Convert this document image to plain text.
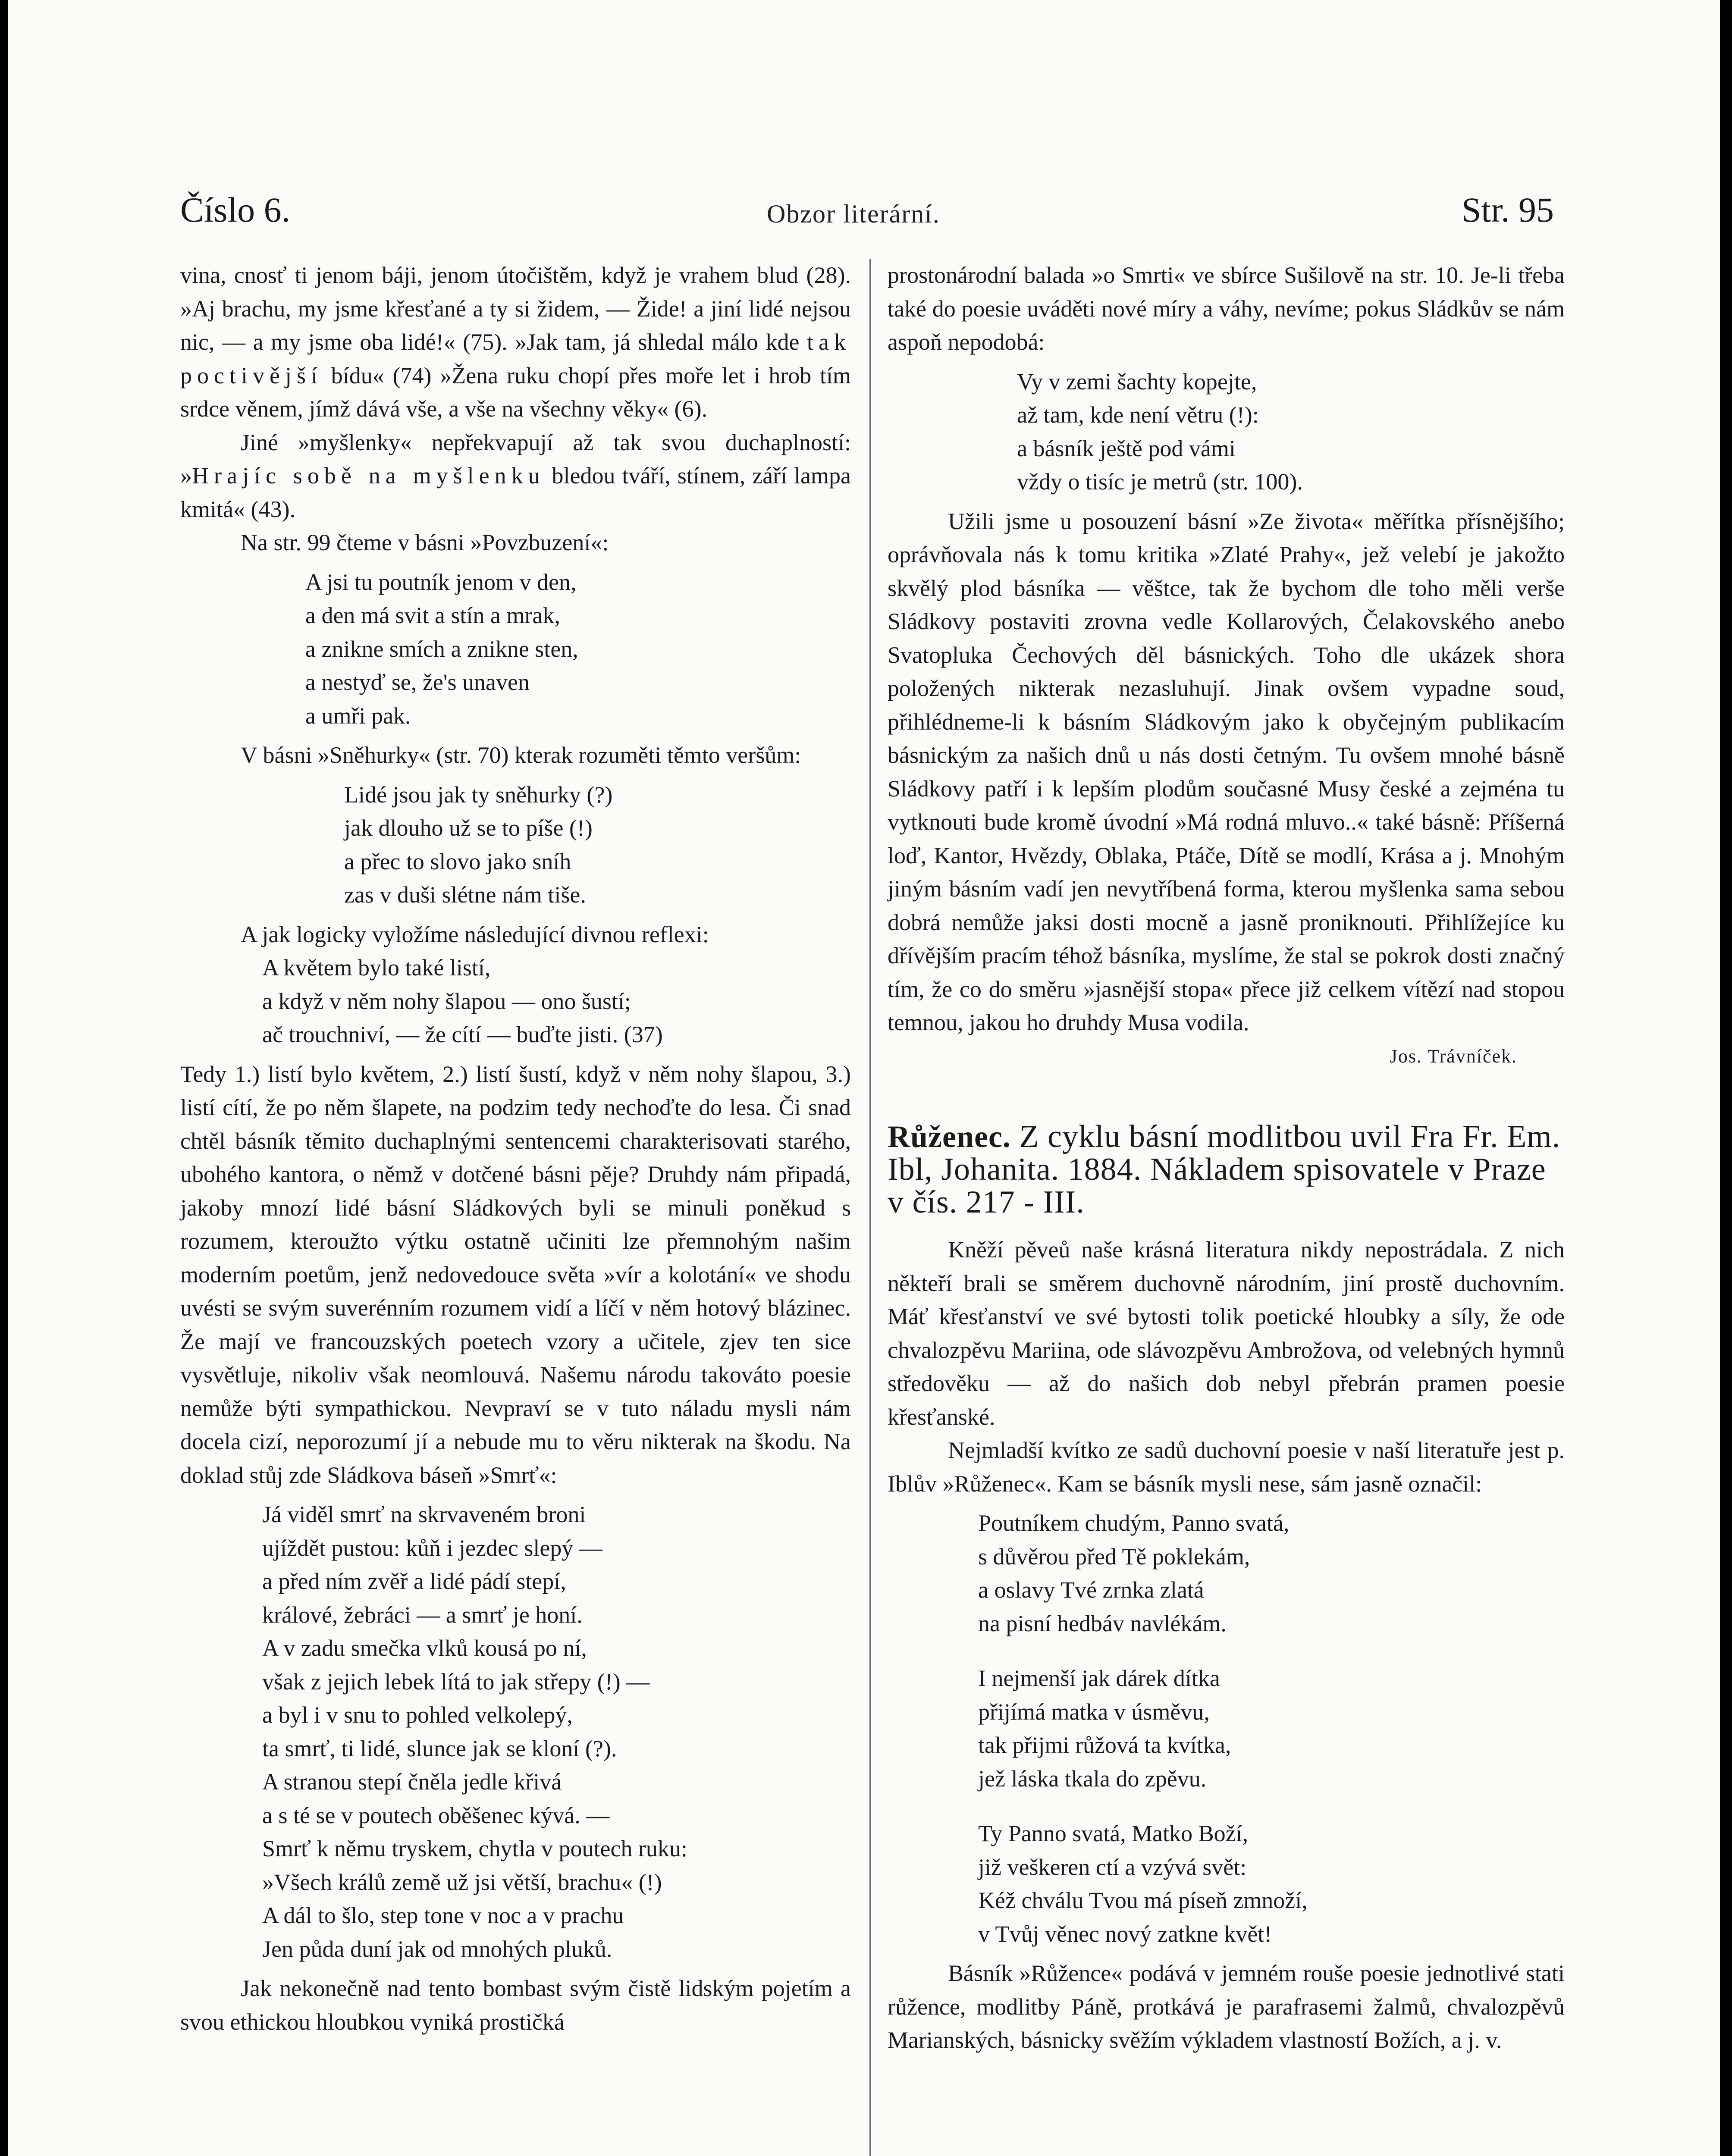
Číslo 6.	Obzor literární.	Str. 95

vina, cnosť ti jenom báji, jenom útočištěm, když je vrahem blud (28). »Aj brachu, my jsme křesťané a ty si židem, — Žide! a jiní lidé nejsou nic, — a my jsme oba lidé!« (75). »Jak tam, já shledal málo kde tak poctivější bídu« (74) »Žena ruku chopí přes moře let i hrob tím srdce věnem, jímž dává vše, a vše na všechny věky« (6).

Jiné »myšlenky« nepřekvapují až tak svou duchaplností: »Hrajíc sobě na myšlenku bledou tváří, stínem, září lampa kmitá« (43).

Na str. 99 čteme v básni »Povzbuzení«:

A jsi tu poutník jenom v den,
a den má svit a stín a mrak,
a znikne smích a znikne sten,
a nestyď se, že's unaven
a umři pak.

V básni »Sněhurky« (str. 70) kterak rozuměti těmto veršům:

Lidé jsou jak ty sněhurky (?)
jak dlouho už se to píše (!)
a přec to slovo jako sníh
zas v duši slétne nám tiše.

A jak logicky vyložíme následující divnou reflexi:

A květem bylo také listí,
a když v něm nohy šlapou — ono šustí;
ač trouchniví, — že cítí — buďte jisti. (37)

Tedy 1.) listí bylo květem, 2.) listí šustí, když v něm nohy šlapou, 3.) listí cítí, že po něm šlapete, na podzim tedy nechoďte do lesa. Či snad chtěl básník těmito duchaplnými sentencemi charakterisovati starého, ubohého kantora, o němž v dotčené básni pěje? Druhdy nám připadá, jakoby mnozí lidé básní Sládkových byli se minuli poněkud s rozumem, kteroužto výtku ostatně učiniti lze přemnohým našim moderním poetům, jenž nedovedouce světa »vír a kolotání« ve shodu uvésti se svým suverénním rozumem vidí a líčí v něm hotový blázinec. Že mají ve francouzských poetech vzory a učitele, zjev ten sice vysvětluje, nikoliv však neomlouvá. Našemu národu takováto poesie nemůže býti sympathickou. Nevpraví se v tuto náladu mysli nám docela cizí, neporozumí jí a nebude mu to věru nikterak na škodu. Na doklad stůj zde Sládkova báseň »Smrť«:

Já viděl smrť na skrvaveném broni
ujíždět pustou: kůň i jezdec slepý —
a před ním zvěř a lidé pádí stepí,
králové, žebráci — a smrť je honí.
A v zadu smečka vlků kousá po ní,
však z jejich lebek lítá to jak střepy (!) —
a byl i v snu to pohled velkolepý,
ta smrť, ti lidé, slunce jak se kloní (?).
A stranou stepí čněla jedle křivá
a s té se v poutech oběšenec kývá. —
Smrť k němu tryskem, chytla v poutech ruku:
»Všech králů země už jsi větší, brachu« (!)
A dál to šlo, step tone v noc a v prachu
Jen půda duní jak od mnohých pluků.

Jak nekonečně nad tento bombast svým čistě lidským pojetím a svou ethickou hloubkou vyniká prostičká

prostonárodní balada »o Smrti« ve sbírce Sušilově na str. 10. Je-li třeba také do poesie uváděti nové míry a váhy, nevíme; pokus Sládkův se nám aspoň nepodobá:

Vy v zemi šachty kopejte,
až tam, kde není větru (!):
a básník ještě pod vámi
vždy o tisíc je metrů (str. 100).

Užili jsme u posouzení básní »Ze života« měřítka přísnějšího; oprávňovala nás k tomu kritika »Zlaté Prahy«, jež velebí je jakožto skvělý plod básníka — věštce, tak že bychom dle toho měli verše Sládkovy postaviti zrovna vedle Kollarových, Čelakovského anebo Svatopluka Čechových děl básnických. Toho dle ukázek shora položených nikterak nezasluhují. Jinak ovšem vypadne soud, přihlédneme-li k básním Sládkovým jako k obyčejným publikacím básnickým za našich dnů u nás dosti četným. Tu ovšem mnohé básně Sládkovy patří i k lepším plodům současné Musy české a zejména tu vytknouti bude kromě úvodní »Má rodná mluvo..« také básně: Příšerná loď, Kantor, Hvězdy, Oblaka, Ptáče, Dítě se modlí, Krása a j. Mnohým jiným básním vadí jen nevytříbená forma, kterou myšlenka sama sebou dobrá nemůže jaksi dosti mocně a jasně proniknouti. Přihlížejíce ku dřívějším pracím téhož básníka, myslíme, že stal se pokrok dosti značný tím, že co do směru »jasnější stopa« přece již celkem vítězí nad stopou temnou, jakou ho druhdy Musa vodila.

Jos. Trávníček.
Růženec. Z cyklu básní modlitbou uvil Fra Fr. Em. Ibl, Johanita. 1884. Nákladem spisovatele v Praze v čís. 217 - III.

Kněží pěveů naše krásná literatura nikdy nepostrádala. Z nich někteří brali se směrem duchovně národním, jiní prostě duchovním. Máť křesťanství ve své bytosti tolik poetické hloubky a síly, že ode chvalozpěvu Mariina, ode slávozpěvu Ambrožova, od velebných hymnů středověku — až do našich dob nebyl přebrán pramen poesie křesťanské.

Nejmladší kvítko ze sadů duchovní poesie v naší literatuře jest p. Iblův »Růženec«. Kam se básník mysli nese, sám jasně označil:

Poutníkem chudým, Panno svatá,
s důvěrou před Tě poklekám,
a oslavy Tvé zrnka zlatá
na pisní hedbáv navlékám.
I nejmenší jak dárek dítka
přijímá matka v úsměvu,
tak přijmi růžová ta kvítka,
jež láska tkala do zpěvu.
Ty Panno svatá, Matko Boží,
již veškeren ctí a vzývá svět:
Kéž chválu Tvou má píseň zmnoží,
v Tvůj věnec nový zatkne květ!

Básník »Růžence« podává v jemném rouše poesie jednotlivé stati růžence, modlitby Páně, protkává je parafrasemi žalmů, chvalozpěvů Marianských, básnicky svěžím výkladem vlastností Božích, a j. v.
